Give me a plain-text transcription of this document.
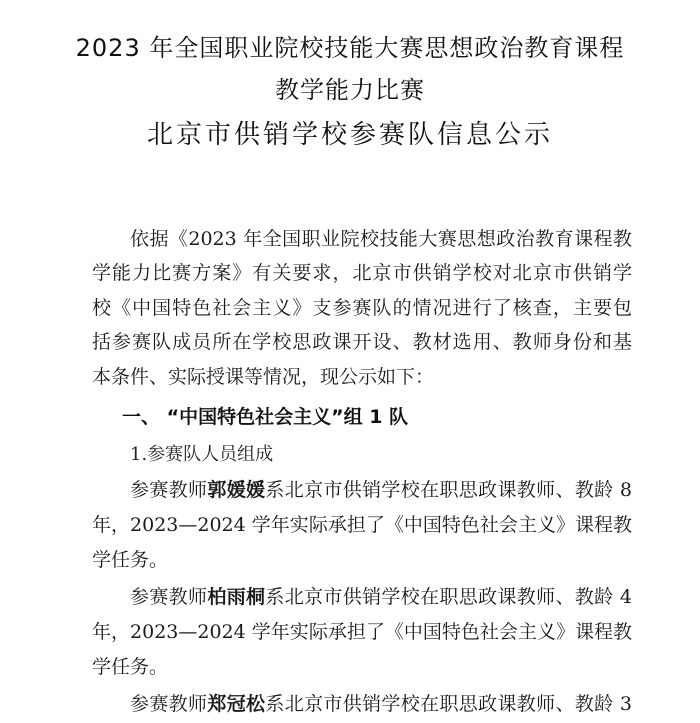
2023 年全国职业院校技能大赛思想政治教育课程
教学能力比赛
北京市供销学校参赛队信息公示
依据《2023 年全国职业院校技能大赛思想政治教育课程教
学能力比赛方案》有关要求，北京市供销学校对北京市供销学
校《中国特色社会主义》支参赛队的情况进行了核查，主要包
括参赛队成员所在学校思政课开设、教材选用、教师身份和基
本条件、实际授课等情况，现公示如下：
一、 “中国特色社会主义”组 1 队
1.参赛队人员组成
参赛教师郭媛媛系北京市供销学校在职思政课教师、教龄 8
年，2023—2024 学年实际承担了《中国特色社会主义》课程教
学任务。
参赛教师柏雨桐系北京市供销学校在职思政课教师、教龄 4
年，2023—2024 学年实际承担了《中国特色社会主义》课程教
学任务。
参赛教师郑冠松系北京市供销学校在职思政课教师、教龄 3
